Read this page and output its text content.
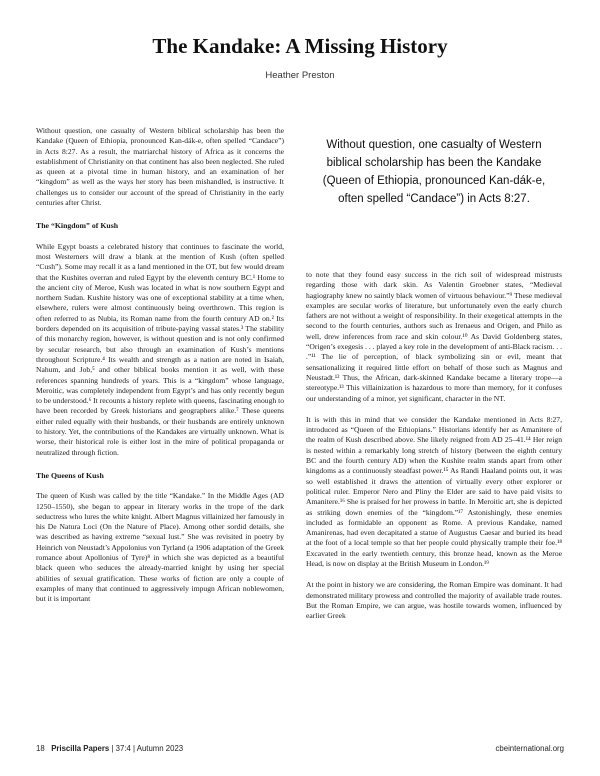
The Kandake: A Missing History
Heather Preston

Without question, one casualty of Western biblical scholarship has been the Kandake (Queen of Ethiopia, pronounced Kan-dák-e, often spelled “Candace”) in Acts 8:27. As a result, the matriarchal history of Africa as it concerns the establishment of Christianity on that continent has also been neglected. She ruled as queen at a pivotal time in human history, and an examination of her “kingdom” as well as the ways her story has been mishandled, is instructive. It challenges us to consider our account of the spread of Christianity in the early centuries after Christ.

The “Kingdom” of Kush

While Egypt boasts a celebrated history that continues to fascinate the world, most Westerners will draw a blank at the mention of Kush (often spelled “Cush”). Some may recall it as a land mentioned in the OT, but few would dream that the Kushites overran and ruled Egypt by the eleventh century BC.¹ Home to the ancient city of Meroe, Kush was located in what is now southern Egypt and northern Sudan. Kushite history was one of exceptional stability at a time when, elsewhere, rulers were almost continuously being overthrown. This region is often referred to as Nubia, its Roman name from the fourth century AD on.² Its borders depended on its acquisition of tribute-paying vassal states.³ The stability of this monarchy region, however, is without question and is not only confirmed by secular research, but also through an examination of Kush’s mentions throughout Scripture.⁴ Its wealth and strength as a nation are noted in Isaiah, Nahum, and Job,⁵ and other biblical books mention it as well, with these references spanning hundreds of years. This is a “kingdom” whose language, Meroitic, was completely independent from Egypt’s and has only recently begun to be understood.⁶ It recounts a history replete with queens, fascinating enough to have been recorded by Greek historians and geographers alike.⁷ These queens either ruled equally with their husbands, or their husbands are entirely unknown to history. Yet, the contributions of the Kandakes are virtually unknown. What is worse, their historical role is either lost in the mire of political propaganda or neutralized through fiction.

The Queens of Kush

The queen of Kush was called by the title “Kandake.” In the Middle Ages (AD 1250–1550), she began to appear in literary works in the trope of the dark seductress who lures the white knight. Albert Magnus villainized her famously in his De Natura Loci (On the Nature of Place). Among other sordid details, she was described as having extreme “sexual lust.” She was revisited in poetry by Heinrich von Neustadt’s Appolonius von Tyrland (a 1906 adaptation of the Greek romance about Apollonius of Tyre)⁸ in which she was depicted as a beautiful black queen who seduces the already-married knight by using her special abilities of sexual gratification. These works of fiction are only a couple of examples of many that continued to aggressively impugn African noblewomen, but it is important

Without question, one casualty of Western biblical scholarship has been the Kandake (Queen of Ethiopia, pronounced Kan-dák-e, often spelled “Candace”) in Acts 8:27.

to note that they found easy success in the rich soil of widespread mistrusts regarding those with dark skin. As Valentin Groebner states, “Medieval hagiography knew no saintly black women of virtuous behaviour.”⁹ These medieval examples are secular works of literature, but unfortunately even the early church fathers are not without a weight of responsibility. In their exegetical attempts in the second to the fourth centuries, authors such as Irenaeus and Origen, and Philo as well, drew inferences from race and skin colour.¹⁰ As David Goldenberg states, “Origen’s exegesis . . . played a key role in the development of anti-Black racism. . . .”¹¹ The lie of perception, of black symbolizing sin or evil, meant that sensationalizing it required little effort on behalf of those such as Magnus and Neustadt.¹² Thus, the African, dark-skinned Kandake became a literary trope—a stereotype.¹³ This villainization is hazardous to more than memory, for it confuses our understanding of a minor, yet significant, character in the NT.

It is with this in mind that we consider the Kandake mentioned in Acts 8:27, introduced as “Queen of the Ethiopians.” Historians identify her as Amanitere of the realm of Kush described above. She likely reigned from AD 25–41.¹⁴ Her reign is nested within a remarkably long stretch of history (between the eighth century BC and the fourth century AD) when the Kushite realm stands apart from other kingdoms as a continuously steadfast power.¹⁵ As Randi Haaland points out, it was so well established it draws the attention of virtually every other explorer or political ruler. Emperor Nero and Pliny the Elder are said to have paid visits to Amanitere.¹⁶ She is praised for her prowess in battle. In Meroitic art, she is depicted as striking down enemies of the “kingdom.”¹⁷ Astonishingly, these enemies included as formidable an opponent as Rome. A previous Kandake, named Amanirenas, had even decapitated a statue of Augustus Caesar and buried its head at the foot of a local temple so that her people could physically trample their foe.¹⁸ Excavated in the early twentieth century, this bronze head, known as the Meroe Head, is now on display at the British Museum in London.¹⁹

At the point in history we are considering, the Roman Empire was dominant. It had demonstrated military prowess and controlled the majority of available trade routes. But the Roman Empire, we can argue, was hostile towards women, influenced by earlier Greek

18 Priscilla Papers | 37:4 | Autumn 2023	cbeinternational.org
